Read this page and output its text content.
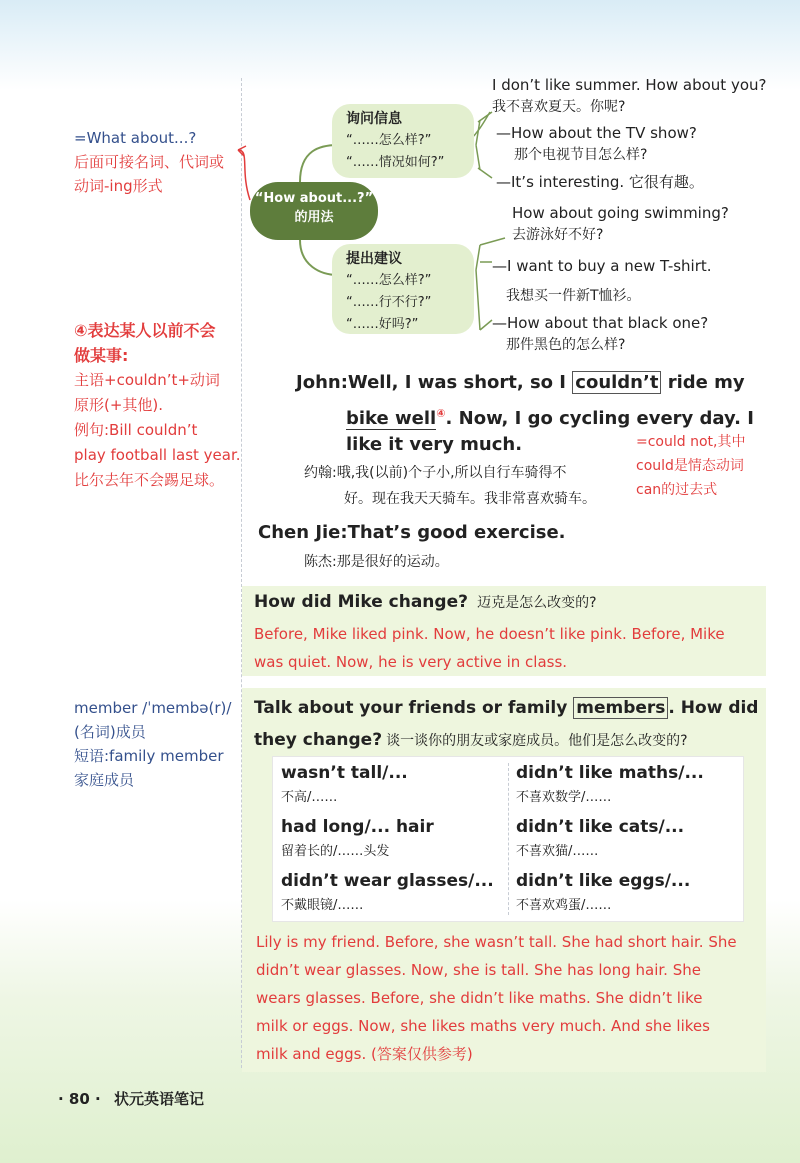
=What about...?
后面可接名词、代词或
动词-ing形式
④表达某人以前不会
做某事:
主语+couldn’t+动词
原形(+其他).
例句:Bill couldn’t
play football last year.
比尔去年不会踢足球。
member /ˈmembə(r)/
(名词)成员
短语:family member
家庭成员
“How about...?”
的用法
③
询问信息
“……怎么样?”
“……情况如何?”
提出建议
“……怎么样?”
“……行不行?”
“……好吗?”
I don’t like summer. How about you?
我不喜欢夏天。你呢?
—How about the TV show?
那个电视节目怎么样?
—It’s interesting. 它很有趣。
How about going swimming?
去游泳好不好?
—I want to buy a new T-shirt.
我想买一件新T恤衫。
—How about that black one?
那件黑色的怎么样?
John:Well, I was short, so I couldn’t ride my
bike well④. Now, I go cycling every day. I
like it very much.	=could not,其中
could是情态动词
can的过去式
约翰:哦,我(以前)个子小,所以自行车骑得不
好。现在我天天骑车。我非常喜欢骑车。
Chen Jie:That’s good exercise.
陈杰:那是很好的运动。
How did Mike change? 迈克是怎么改变的?
Before, Mike liked pink. Now, he doesn’t like pink. Before, Mike
was quiet. Now, he is very active in class.
Talk about your friends or family members . How did
they change? 谈一谈你的朋友或家庭成员。他们是怎么改变的?
wasn’t tall/...
不高/……
didn’t like maths/...
不喜欢数学/……
had long/... hair
留着长的/……头发
didn’t like cats/...
不喜欢猫/……
didn’t wear glasses/...
不戴眼镜/……
didn’t like eggs/...
不喜欢鸡蛋/……
Lily is my friend. Before, she wasn’t tall. She had short hair. She
didn’t wear glasses. Now, she is tall. She has long hair. She
wears glasses. Before, she didn’t like maths. She didn’t like
milk or eggs. Now, she likes maths very much. And she likes
milk and eggs. (答案仅供参考)
· 80 · 状元英语笔记
